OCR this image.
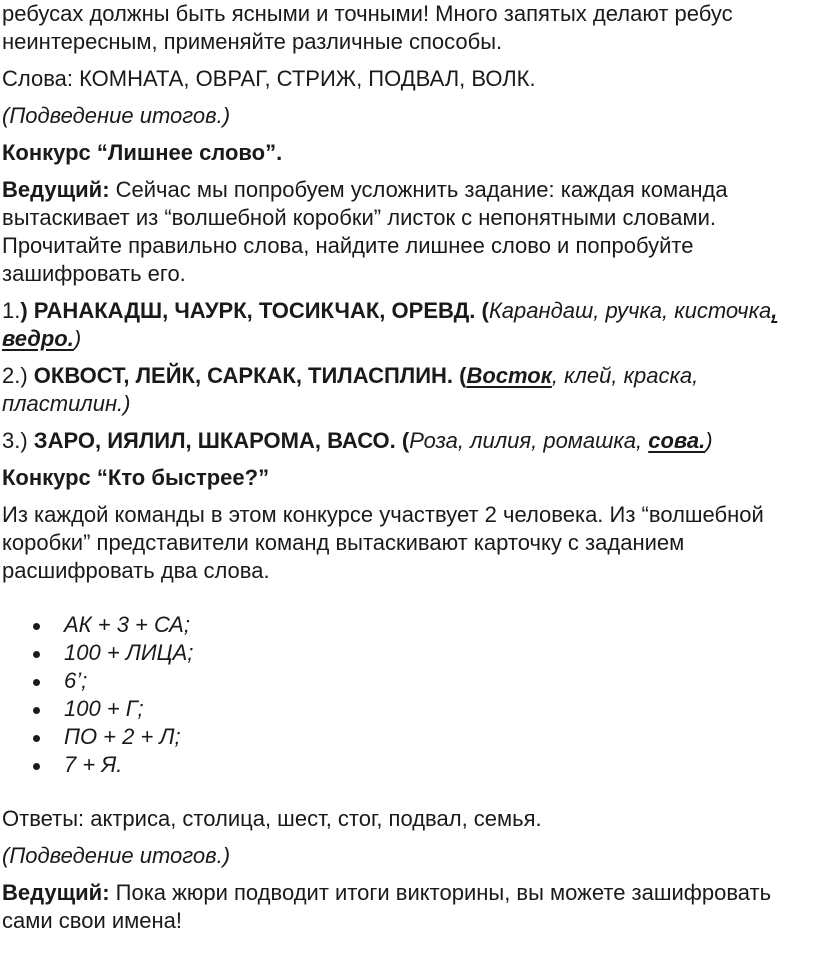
ребусах должны быть ясными и точными! Много запятых делают ребус неинтересным, применяйте различные способы.

Слова: КОМНАТА, ОВРАГ, СТРИЖ, ПОДВАЛ, ВОЛК.

(Подведение итогов.)

Конкурс “Лишнее слово”.

Ведущий: Сейчас мы попробуем усложнить задание: каждая команда вытаскивает из “волшебной коробки” листок с непонятными словами. Прочитайте правильно слова, найдите лишнее слово и попробуйте зашифровать его.

1.) РАНАКАДШ, ЧАУРК, ТОСИКЧАК, ОРЕВД. (Карандаш, ручка, кисточка, ведро.)

2.) ОКВОСТ, ЛЕЙК, САРКАК, ТИЛАСПЛИН. (Восток, клей, краска, пластилин.)

3.) ЗАРО, ИЯЛИЛ, ШКАРОМА, ВАСО. (Роза, лилия, ромашка, сова.)

Конкурс “Кто быстрее?”

Из каждой команды в этом конкурсе участвует 2 человека. Из “волшебной коробки” представители команд вытаскивают карточку с заданием расшифровать два слова.

АК + 3 + СА;
100 + ЛИЦА;
6’;
100 + Г;
ПО + 2 + Л;
7 + Я.

Ответы: актриса, столица, шест, стог, подвал, семья.

(Подведение итогов.)

Ведущий: Пока жюри подводит итоги викторины, вы можете зашифровать сами свои имена!
